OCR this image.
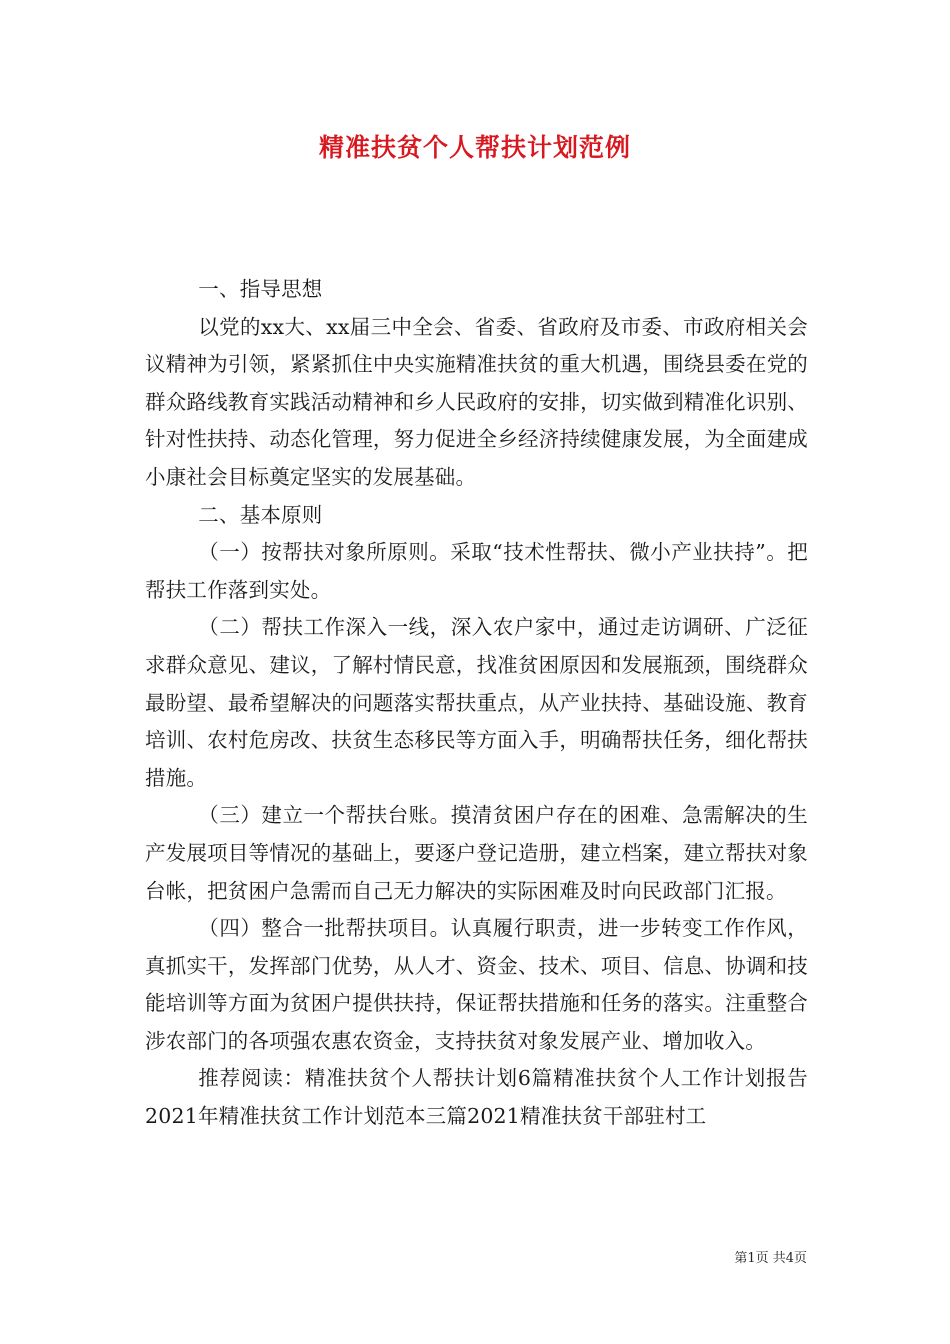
精准扶贫个人帮扶计划范例

一、指导思想

以党的xx大、xx届三中全会、省委、省政府及市委、市政府相关会议精神为引领，紧紧抓住中央实施精准扶贫的重大机遇，围绕县委在党的群众路线教育实践活动精神和乡人民政府的安排，切实做到精准化识别、针对性扶持、动态化管理，努力促进全乡经济持续健康发展，为全面建成小康社会目标奠定坚实的发展基础。

二、基本原则

（一）按帮扶对象所原则。采取“技术性帮扶、微小产业扶持”。把帮扶工作落到实处。

（二）帮扶工作深入一线，深入农户家中，通过走访调研、广泛征求群众意见、建议，了解村情民意，找准贫困原因和发展瓶颈，围绕群众最盼望、最希望解决的问题落实帮扶重点，从产业扶持、基础设施、教育培训、农村危房改、扶贫生态移民等方面入手，明确帮扶任务，细化帮扶措施。

（三）建立一个帮扶台账。摸清贫困户存在的困难、急需解决的生产发展项目等情况的基础上，要逐户登记造册，建立档案，建立帮扶对象台帐，把贫困户急需而自己无力解决的实际困难及时向民政部门汇报。

（四）整合一批帮扶项目。认真履行职责，进一步转变工作作风，真抓实干，发挥部门优势，从人才、资金、技术、项目、信息、协调和技能培训等方面为贫困户提供扶持，保证帮扶措施和任务的落实。注重整合涉农部门的各项强农惠农资金，支持扶贫对象发展产业、增加收入。

推荐阅读：精准扶贫个人帮扶计划6篇精准扶贫个人工作计划报告2021年精准扶贫工作计划范本三篇2021精准扶贫干部驻村工

第1页 共4页
